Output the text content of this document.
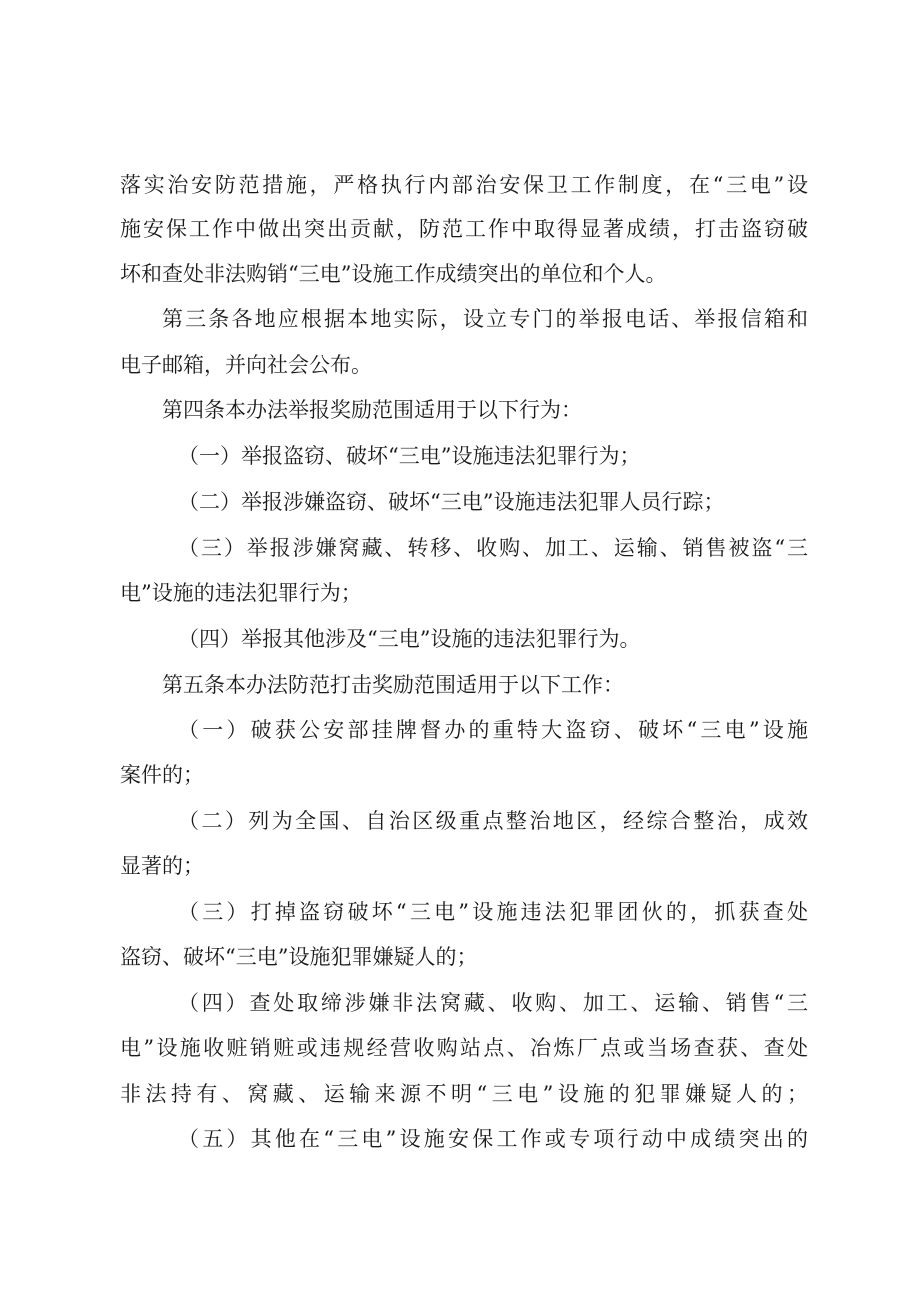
落实治安防范措施，严格执行内部治安保卫工作制度，在“三电”设
施安保工作中做出突出贡献，防范工作中取得显著成绩，打击盗窃破
坏和查处非法购销“三电”设施工作成绩突出的单位和个人。
第三条各地应根据本地实际，设立专门的举报电话、举报信箱和
电子邮箱，并向社会公布。
第四条本办法举报奖励范围适用于以下行为：
（一）举报盗窃、破坏“三电”设施违法犯罪行为；
（二）举报涉嫌盗窃、破坏“三电”设施违法犯罪人员行踪；
（三）举报涉嫌窝藏、转移、收购、加工、运输、销售被盗“三
电”设施的违法犯罪行为；
（四）举报其他涉及“三电”设施的违法犯罪行为。
第五条本办法防范打击奖励范围适用于以下工作：
（一）破获公安部挂牌督办的重特大盗窃、破坏“三电”设施
案件的；
（二）列为全国、自治区级重点整治地区，经综合整治，成效
显著的；
（三）打掉盗窃破坏“三电”设施违法犯罪团伙的，抓获查处
盗窃、破坏“三电”设施犯罪嫌疑人的；
（四）查处取缔涉嫌非法窝藏、收购、加工、运输、销售“三
电”设施收赃销赃或违规经营收购站点、冶炼厂点或当场查获、查处
非法持有、窝藏、运输来源不明“三电”设施的犯罪嫌疑人的；
（五）其他在“三电”设施安保工作或专项行动中成绩突出的
